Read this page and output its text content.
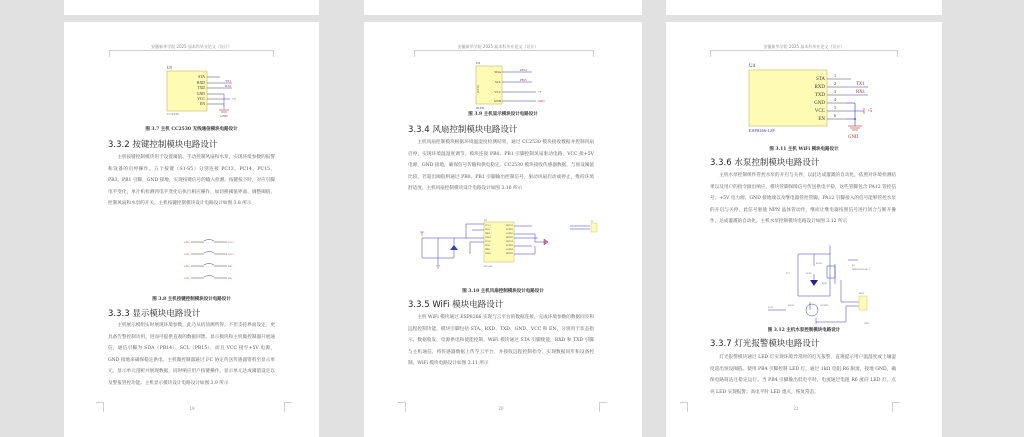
安徽新华学院 2025 届本科毕业论文（设计）
U5
STA
RXD
TXD
GND
VCC
EN
TX1
RX1
+5
GND
CC2530
图 3.7 主机 CC2530 无线通信模块电路设计
3.3.2 按键控制模块电路设计
主机按键控制模块用于设置阈值、手动控制风扇和水泵，实现环境参数的报警和设备的启停操作。五个按键（S1-S5）分别连接 PC13、PC14、PC15、PB3、PB1 引脚，GND 接地，实现按键信号的输入检测。按键按下时，对应引脚电平变化，单片机检测到电平变化后执行相应操作，如切换阈值界面、调整阈值、控制风扇和水泵的开关。主机按键控制模块设计电路设计如图 3.8 所示
GND
GND
GND
GND
PC13
PC15
PB3
PB1
图 3.8 主机按键控制模块设计电路设计
3.3.3 显示模块电路设计
主机展示模组实时展现环境参数，此乃从机侦测所得。不但支持界面设定，更具备告警控制功用。进而可提供直观的数据回馈。显示模块和主机微控制器开展通信，通信引脚为 SDA（PB14）、SCL（PB15），而且 VCC 接至+5V 电源，GND 接地来确保稳定供电。主机微控制器通过 I²C 协定传送传感器资料至显示单元，显示单元剖析并展现数据，同时响应用户按键操作，显示单元达成阈值设定以及警报管控功能。主机显示模块设计电路设计如图 3.9 所示
19
安徽新华学院 2025 届本科毕业论文（设计）
U2
OLED
SDA
SCL
VCC
GND
PB14
PB15
+5
GND
OLED
图 3.9 主机显示模块设计电路设计
3.3.4 风扇控制模块电路设计
主机风扇控制模块根据环境温湿度检测结果，通过 CC2530 模块接收数据并控制风扇启停，实现环境温湿度调节。模块连接 PB0、PB1 引脚控制风扇驱动电路，VCC 接+5V 电源，GND 接地，确保信号传输和供电稳定。CC2530 模块接收传感器数据，与预设阈值比较，若超出阈值则通过 PB0、PB1 引脚输出控制信号，驱动风扇启动或停止，维持环境舒适度。主机风扇控制模块设计电路设计如图 3.10 所示
U1
VCC1
INA1
INB1
VDD1
VCC2
INA2
INB2
VDD2
OUTA1
PGND1
AGND1
OUTB1
OUTA2
PGND2
AGND2
OUTB2
MX1508
J2
图 3.10 主机风扇控制模块设计电路设计
3.3.5 WiFi 模块电路设计
主机 WiFi 模块通过 ESP8266 实现与云平台的数据连接，完成环境参数的数据同步和远程控制功能。模块引脚包括 STA、RXD、TXD、GND、VCC 和 EN，分别用于状态指示、数据收发、电源供电和使能控制。WiFi 模块通过 STA 引脚使能，RXD 和 TXD 引脚与主机通信，将传感器数据上传至云平台，并接收远程控制指令，实现数据同步和设备控制。WiFi 模块电路设计如图 3.11 所示
20
安徽新华学院 2025 届本科毕业论文（设计）
U4
STA
RXD
TXD
GND
VCC
EN
1
2
3
4
5
6
TX1
RX1
+5
GND
ESP8266-12F
图 3.11 主机 WiFi 模块电路设计
3.3.6 水泵控制模块电路设计
主机水泵控制组件管控水泵的开启与关停，以此达成灌溉的自动化，依照对环境检测结果以及用户的指令做出响应。模块管脚保障信号传送供电平稳，这些管脚包含 PA12 管控信号、+5V 电力源、GND 接地端以及继电器管控管脚。PA12 引脚接入的信号能够管控水泵的开启与关停，此信号驱使 NPN 晶体管动作，继而让继电器按照信号进行闭合与断开操作，达成灌溉的自动化。主机水泵控制模块电路设计如图 3.12 所示
+5
R5 1K
LED1
TC1
LED
K1
SRD-05VDC-SL-C
PA12
R4 1K	Q2 NPN
MH1
GND
图 3.12 主机水泵控制模块电路设计
3.3.7 灯光报警模块电路设计
灯光报警模块通过 LED 灯实现环境异常时的灯光报警，直观提示用户温湿度或土壤湿度超出预设阈值。使用 PB4 引脚控制 LED 灯，通过 1kΩ 电阻 R6 限流，接地 GND，确保电路简洁且稳定运行。当 PB4 引脚输出低电平时，电流通过电阻 R6 流向 LED 灯，点亮 LED 实现报警；高电平时 LED 熄灭，恢复常态。
21
